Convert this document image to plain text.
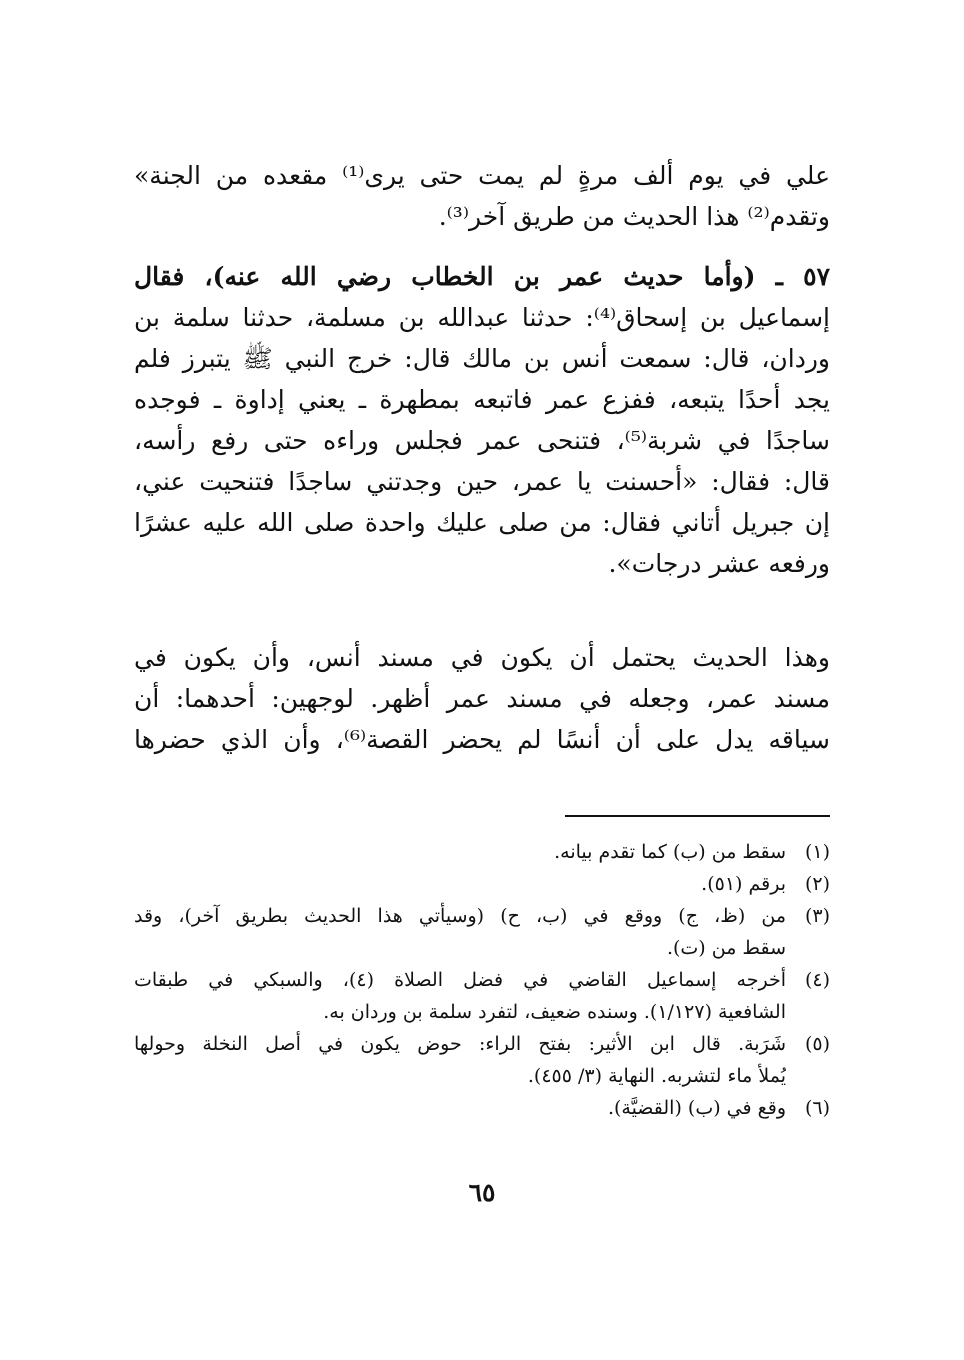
علي في يوم ألف مرةٍ لم يمت حتى يرى⁽¹⁾ مقعده من الجنة»
وتقدم⁽²⁾ هذا الحديث من طريق آخر⁽³⁾.
٥٧ ـ (وأما حديث عمر بن الخطاب رضي الله عنه)، فقال
إسماعيل بن إسحاق⁽⁴⁾: حدثنا عبدالله بن مسلمة، حدثنا سلمة بن
وردان، قال: سمعت أنس بن مالك قال: خرج النبي ﷺ يتبرز فلم
يجد أحدًا يتبعه، ففزع عمر فاتبعه بمطهرة ـ يعني إداوة ـ فوجده
ساجدًا في شربة⁽⁵⁾، فتنحى عمر فجلس وراءه حتى رفع رأسه،
قال: فقال: «أحسنت يا عمر، حين وجدتني ساجدًا فتنحيت عني،
إن جبريل أتاني فقال: من صلى عليك واحدة صلى الله عليه عشرًا
ورفعه عشر درجات».
وهذا الحديث يحتمل أن يكون في مسند أنس، وأن يكون في
مسند عمر، وجعله في مسند عمر أظهر. لوجهين: أحدهما: أن
سياقه يدل على أن أنسًا لم يحضر القصة⁽⁶⁾، وأن الذي حضرها
(١)
سقط من (ب) كما تقدم بيانه.
(٢)
برقم (٥١).
(٣)
من (ظ، ج) ووقع في (ب، ح) (وسيأتي هذا الحديث بطريق آخر)، وقد
سقط من (ت).
(٤)
أخرجه إسماعيل القاضي في فضل الصلاة (٤)، والسبكي في طبقات
الشافعية (١/١٢٧). وسنده ضعيف، لتفرد سلمة بن وردان به.
(٥)
شَرَبة. قال ابن الأثير: بفتح الراء: حوض يكون في أصل النخلة وحولها
يُملأ ماء لتشربه. النهاية (٣/ ٤٥٥).
(٦)
وقع في (ب) (القضيَّة).
٦٥
